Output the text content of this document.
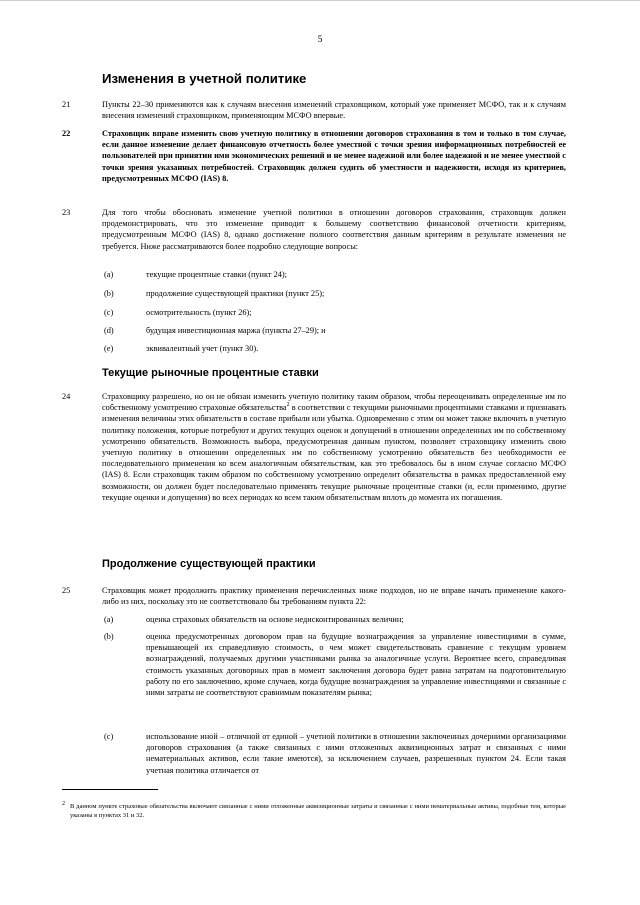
5
Изменения в учетной политике
21	Пункты 22–30 применяются как к случаям внесения изменений страховщиком, который уже применяет МСФО, так и к случаям внесения изменений страховщиком, применяющим МСФО впервые.
22	Страховщик вправе изменить свою учетную политику в отношении договоров страхования в том и только в том случае, если данное изменение делает финансовую отчетность более уместной с точки зрения информационных потребностей ее пользователей при принятии ими экономических решений и не менее надежной или более надежной и не менее уместной с точки зрения указанных потребностей. Страховщик должен судить об уместности и надежности, исходя из критериев, предусмотренных МСФО (IAS) 8.
23	Для того чтобы обосновать изменение учетной политики в отношении договоров страхования, страховщик должен продемонстрировать, что это изменение приводит к большему соответствию финансовой отчетности критериям, предусмотренным МСФО (IAS) 8, однако достижение полного соответствия данным критериям в результате изменения не требуется. Ниже рассматриваются более подробно следующие вопросы:
(a)	текущие процентные ставки (пункт 24);
(b)	продолжение существующей практики (пункт 25);
(c)	осмотрительность (пункт 26);
(d)	будущая инвестиционная маржа (пункты 27–29); и
(e)	эквивалентный учет (пункт 30).
Текущие рыночные процентные ставки
24	Страховщику разрешено, но он не обязан изменить учетную политику таким образом, чтобы переоценивать определенные им по собственному усмотрению страховые обязательства$^2$ в соответствии с текущими рыночными процентными ставками и признавать изменения величины этих обязательств в составе прибыли или убытка. Одновременно с этим он может также включить в учетную политику положения, которые потребуют и других текущих оценок и допущений в отношении определенных им по собственному усмотрению обязательств. Возможность выбора, предусмотренная данным пунктом, позволяет страховщику изменить свою учетную политику в отношении определенных им по собственному усмотрению обязательств без необходимости ее последовательного применения ко всем аналогичным обязательствам, как это требовалось бы в ином случае согласно МСФО (IAS) 8. Если страховщик таким образом по собственному усмотрению определит обязательства в рамках предоставленной ему возможности, он должен будет последовательно применять текущие рыночные процентные ставки (и, если применимо, другие текущие оценки и допущения) во всех периодах ко всем таким обязательствам вплоть до момента их погашения.
Продолжение существующей практики
25	Страховщик может продолжить практику применения перечисленных ниже подходов, но не вправе начать применение какого-либо из них, поскольку это не соответствовало бы требованиям пункта 22:
(a)	оценка страховых обязательств на основе недисконтированных величин;
(b)	оценка предусмотренных договором прав на будущие вознаграждения за управление инвестициями в сумме, превышающей их справедливую стоимость, о чем может свидетельствовать сравнение с текущим уровнем вознаграждений, получаемых другими участниками рынка за аналогичные услуги. Вероятнее всего, справедливая стоимость указанных договорных прав в момент заключения договора будет равна затратам на подготовительную работу по его заключению, кроме случаев, когда будущие вознаграждения за управление инвестициями и связанные с ними затраты не соответствуют сравнимым показателям рынка;
(c)	использование иной – отличной от единой – учетной политики в отношении заключенных дочерними организациями договоров страхования (а также связанных с ними отложенных аквизиционных затрат и связанных с ними нематериальных активов, если такие имеются), за исключением случаев, разрешенных пунктом 24. Если такая учетная политика отличается от
2 В данном пункте страховые обязательства включают связанные с ними отложенные аквизиционные затраты и связанные с ними нематериальные активы, подобные тем, которые указаны в пунктах 31 и 32.
